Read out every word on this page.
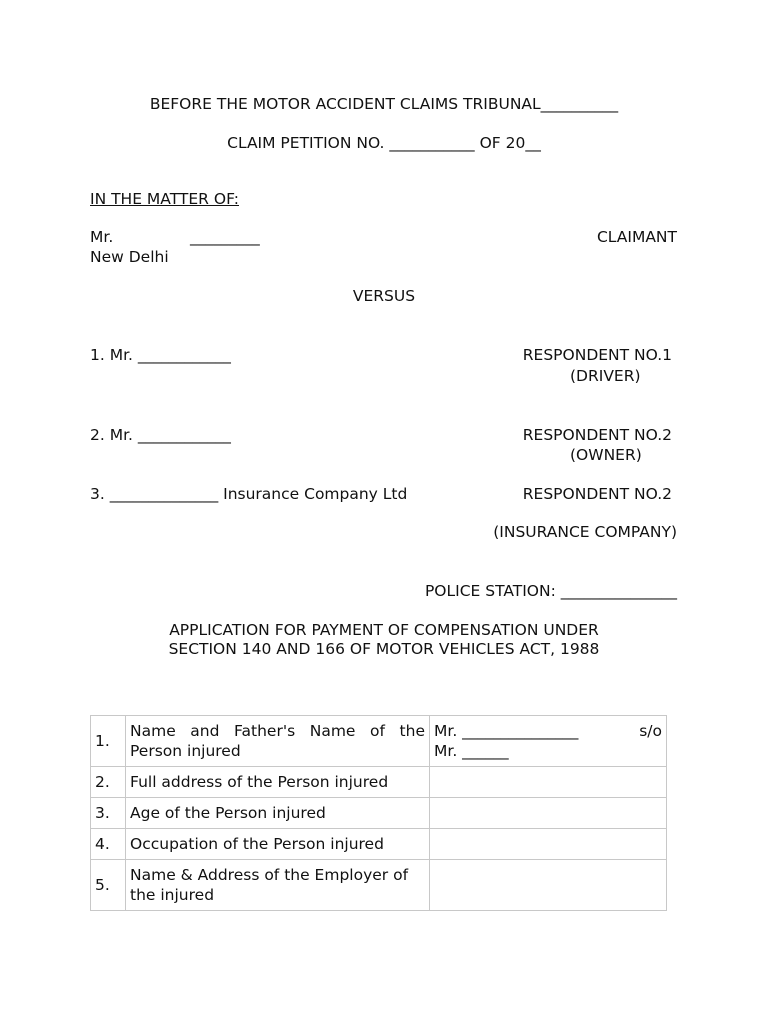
BEFORE THE MOTOR ACCIDENT CLAIMS TRIBUNAL__________
CLAIM PETITION NO. ___________ OF 20__
IN THE MATTER OF:
Mr.	_________
New Delhi
CLAIMANT
VERSUS
1. Mr. ____________	RESPONDENT NO.1
(DRIVER)
2. Mr. ____________	RESPONDENT NO.2
(OWNER)
3. ______________ Insurance Company Ltd	RESPONDENT NO.2
(INSURANCE COMPANY)
POLICE STATION: _______________
APPLICATION FOR PAYMENT OF COMPENSATION UNDER
SECTION 140 AND 166 OF MOTOR VEHICLES ACT, 1988
1.	Name and Father's Name of the Person injured	Mr. _______________ s/o
Mr. ______

2.	Full address of the Person injured	
3.	Age of the Person injured	
4.	Occupation of the Person injured	
5.	Name & Address of the Employer of the injured	
